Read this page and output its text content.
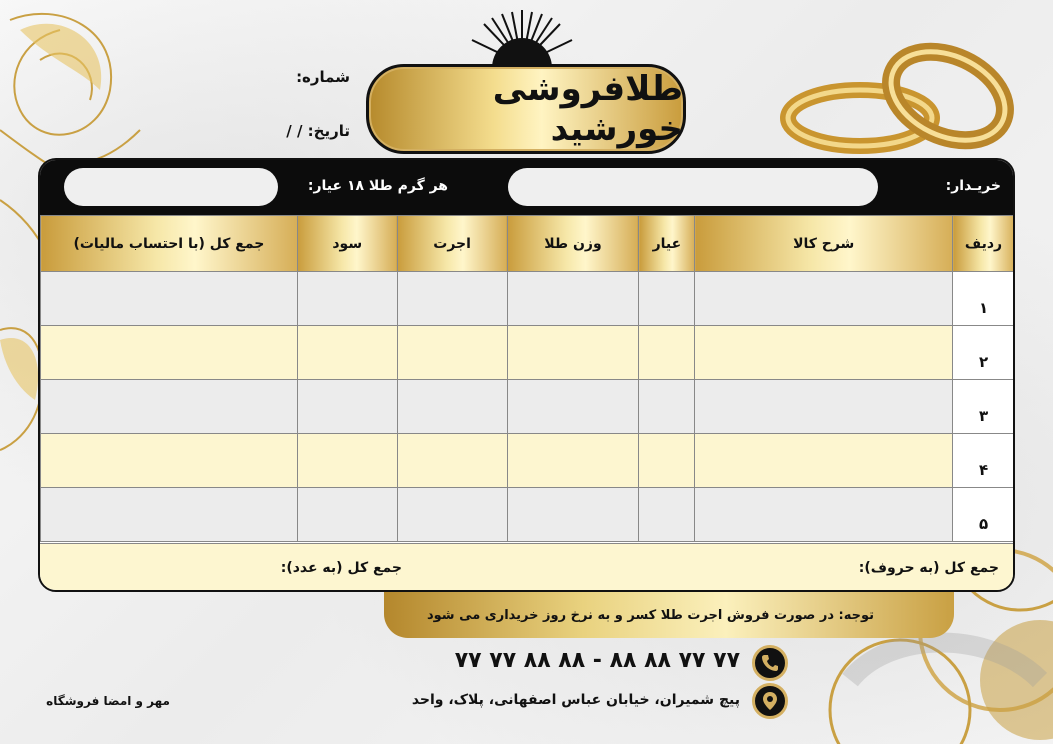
شماره:
تاریخ: / /
طلافروشی خورشید
خریـدار:
هر گرم طلا ۱۸ عیار:
ردیف	شرح کالا	عیار	وزن طلا	اجرت	سود	جمع کل (با احتساب مالیات)
۱						
۲						
۳						
۴						
۵						
جمع کل (به حروف):
جمع کل (به عدد):
توجه: در صورت فروش اجرت طلا کسر و به نرخ روز خریداری می شود
۷۷ ۷۷ ۸۸ ۸۸ - ۸۸ ۸۸ ۷۷ ۷۷
پیچ شمیران، خیابان عباس اصفهانی، پلاک، واحد
مهر و امضا فروشگاه
